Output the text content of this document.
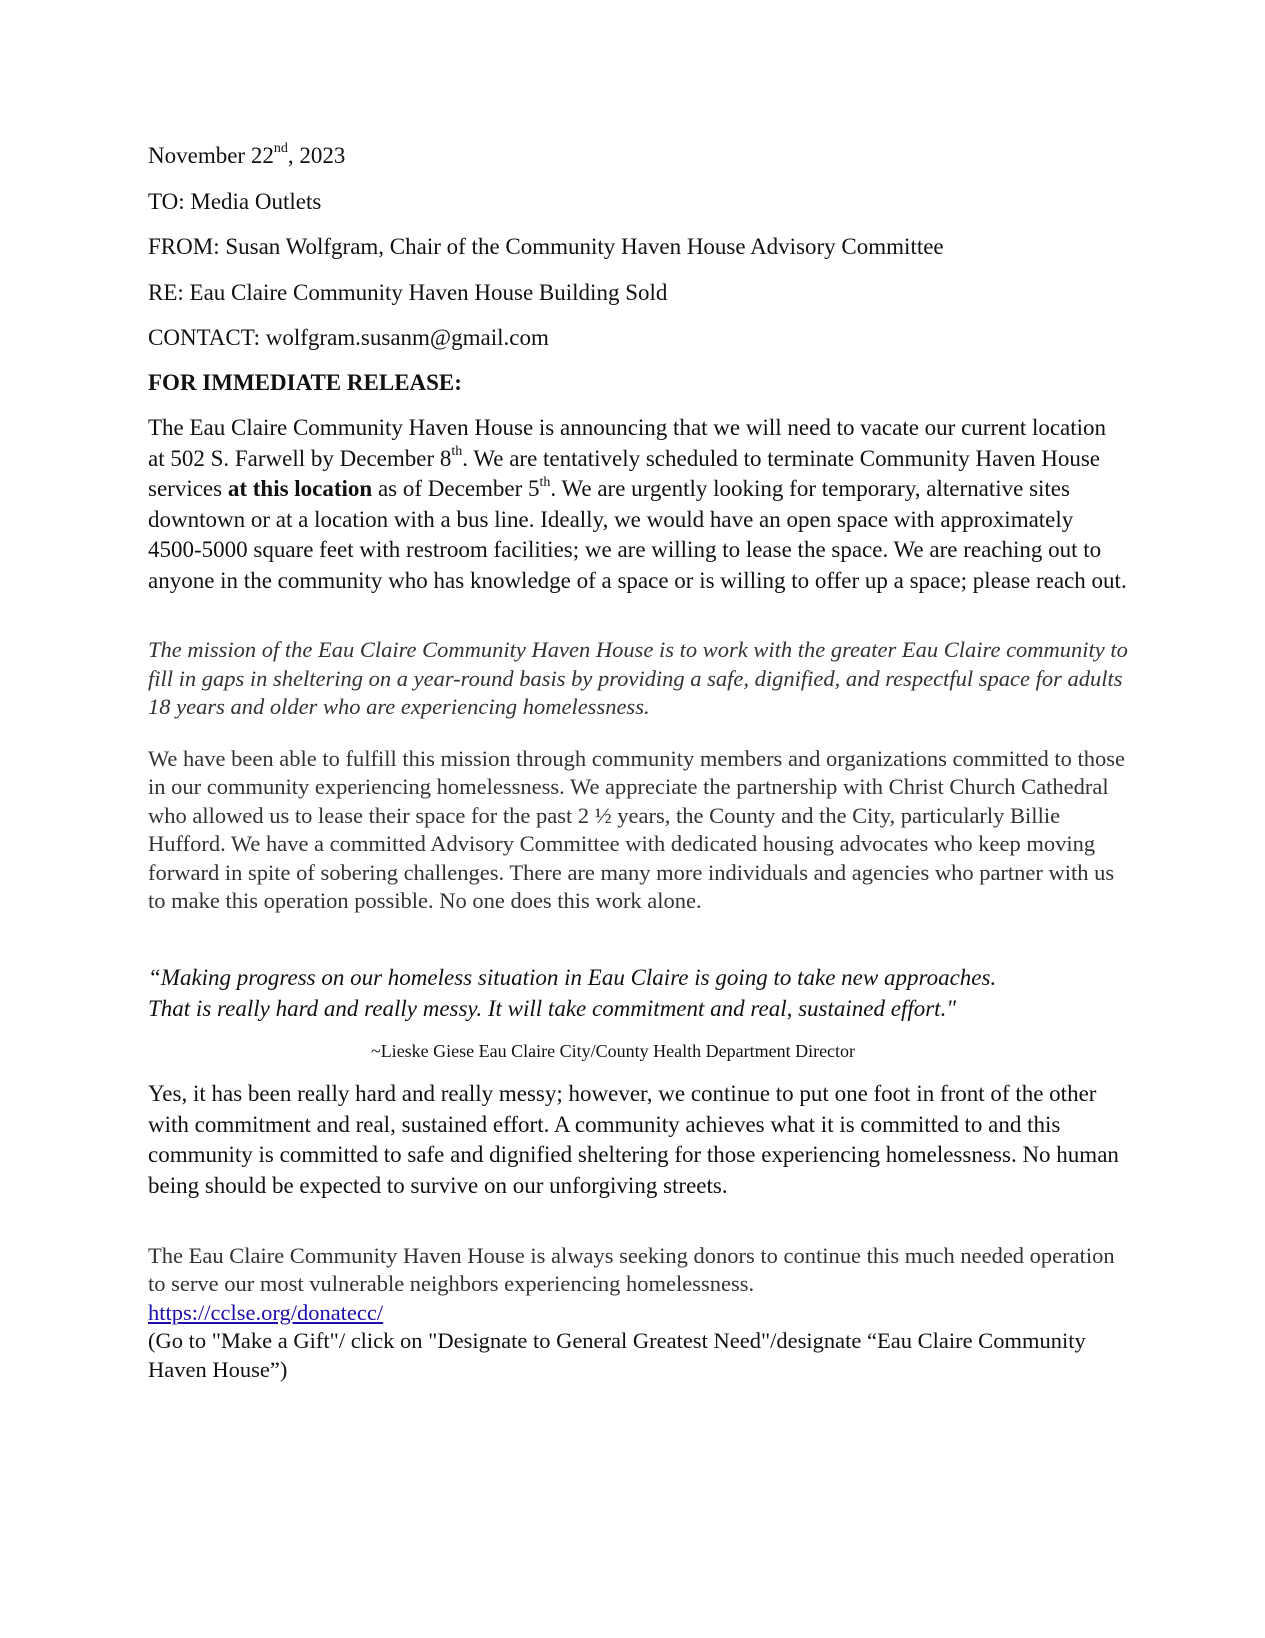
November 22nd, 2023
TO: Media Outlets
FROM: Susan Wolfgram, Chair of the Community Haven House Advisory Committee
RE: Eau Claire Community Haven House Building Sold
CONTACT: wolfgram.susanm@gmail.com
FOR IMMEDIATE RELEASE:

The Eau Claire Community Haven House is announcing that we will need to vacate our current location at 502 S. Farwell by December 8th. We are tentatively scheduled to terminate Community Haven House services at this location as of December 5th. We are urgently looking for temporary, alternative sites downtown or at a location with a bus line. Ideally, we would have an open space with approximately 4500-5000 square feet with restroom facilities; we are willing to lease the space. We are reaching out to anyone in the community who has knowledge of a space or is willing to offer up a space; please reach out.

The mission of the Eau Claire Community Haven House is to work with the greater Eau Claire community to fill in gaps in sheltering on a year-round basis by providing a safe, dignified, and respectful space for adults 18 years and older who are experiencing homelessness.

We have been able to fulfill this mission through community members and organizations committed to those in our community experiencing homelessness. We appreciate the partnership with Christ Church Cathedral who allowed us to lease their space for the past 2 ½ years, the County and the City, particularly Billie Hufford. We have a committed Advisory Committee with dedicated housing advocates who keep moving forward in spite of sobering challenges. There are many more individuals and agencies who partner with us to make this operation possible. No one does this work alone.

“Making progress on our homeless situation in Eau Claire is going to take new approaches.
That is really hard and really messy. It will take commitment and real, sustained effort."

~Lieske Giese Eau Claire City/County Health Department Director

Yes, it has been really hard and really messy; however, we continue to put one foot in front of the other with commitment and real, sustained effort. A community achieves what it is committed to and this community is committed to safe and dignified sheltering for those experiencing homelessness. No human being should be expected to survive on our unforgiving streets.

The Eau Claire Community Haven House is always seeking donors to continue this much needed operation to serve our most vulnerable neighbors experiencing homelessness.
https://cclse.org/donatecc/
(Go to "Make a Gift"/ click on "Designate to General Greatest Need"/designate “Eau Claire Community Haven House”)
